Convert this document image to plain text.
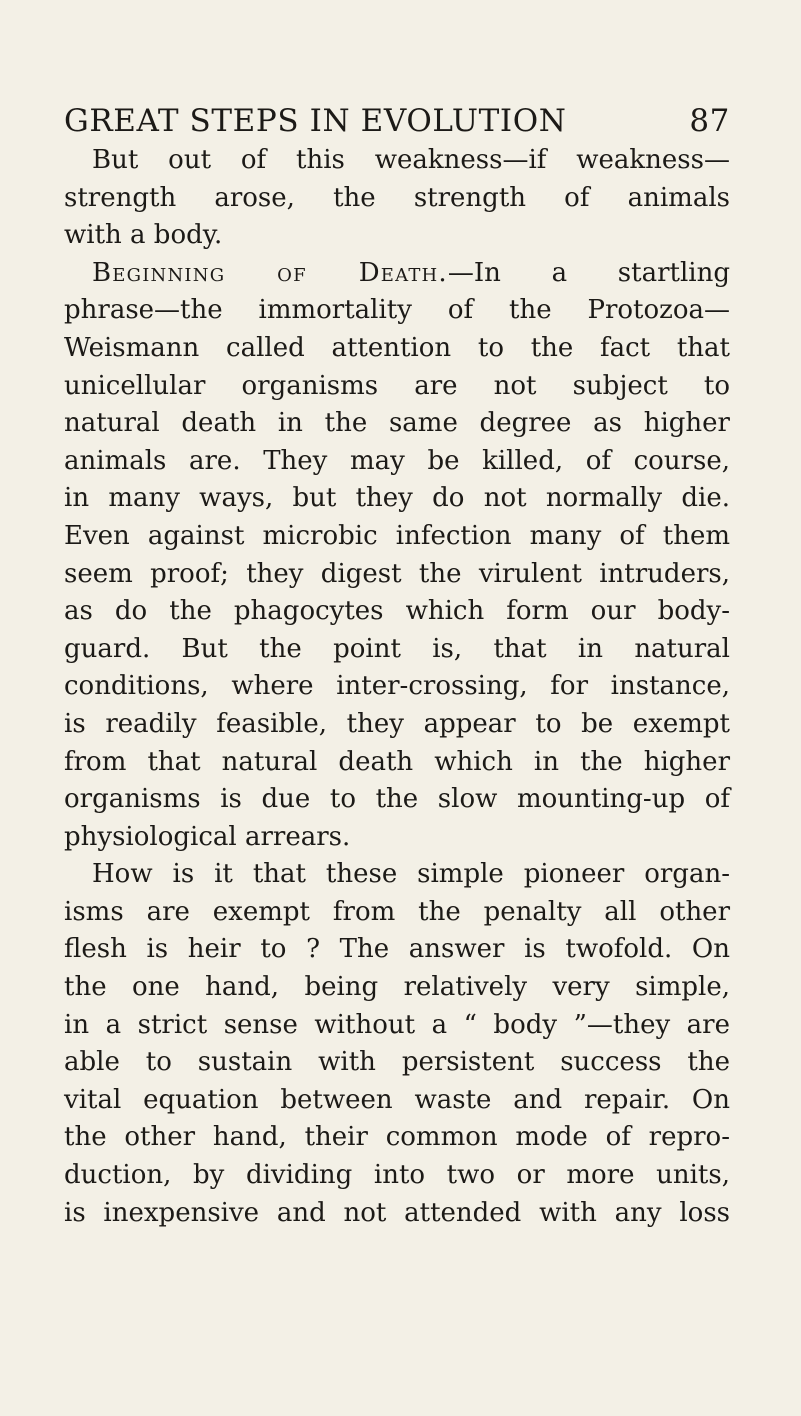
GREAT STEPS IN EVOLUTION	87
But out of this weakness—if weakness—
strength arose, the strength of animals
with a body.
Beginning of Death.—In a startling
phrase—the immortality of the Protozoa—
Weismann called attention to the fact that
unicellular organisms are not subject to
natural death in the same degree as higher
animals are. They may be killed, of course,
in many ways, but they do not normally die.
Even against microbic infection many of them
seem proof; they digest the virulent intruders,
as do the phagocytes which form our body-
guard. But the point is, that in natural
conditions, where inter-crossing, for instance,
is readily feasible, they appear to be exempt
from that natural death which in the higher
organisms is due to the slow mounting-up of
physiological arrears.
How is it that these simple pioneer organ-
isms are exempt from the penalty all other
flesh is heir to ? The answer is twofold. On
the one hand, being relatively very simple,
in a strict sense without a “ body ”—they are
able to sustain with persistent success the
vital equation between waste and repair. On
the other hand, their common mode of repro-
duction, by dividing into two or more units,
is inexpensive and not attended with any loss
